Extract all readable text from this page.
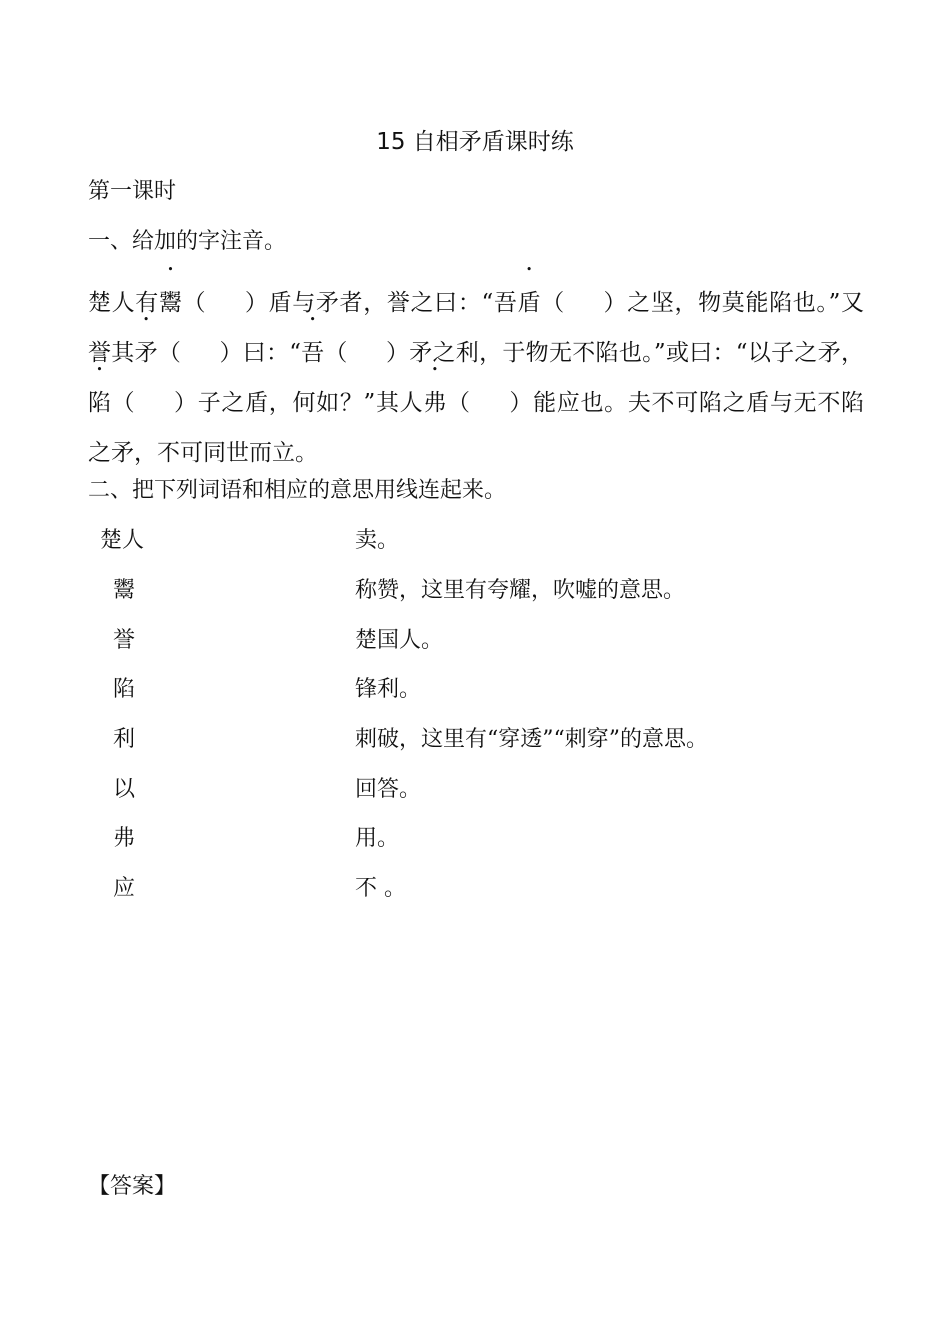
15 自相矛盾课时练
第一课时
一、给加的字注音。
楚人有鬻（ ）盾与矛者，誉之曰：“吾盾（ ）之坚，物莫能陷也。”又誉其矛（ ）曰：“吾（ ）矛之利，于物无不陷也。”或曰：“以子之矛，陷（ ）子之盾，何如？”其人弗（ ）能应也。夫不可陷之盾与无不陷之矛，不可同世而立。
二、把下列词语和相应的意思用线连起来。
楚人	卖。
鬻	称赞，这里有夸耀，吹嘘的意思。
誉	楚国人。
陷	锋利。
利	刺破，这里有“穿透”“刺穿”的意思。
以	回答。
弗	用。
应	不 。
【答案】
